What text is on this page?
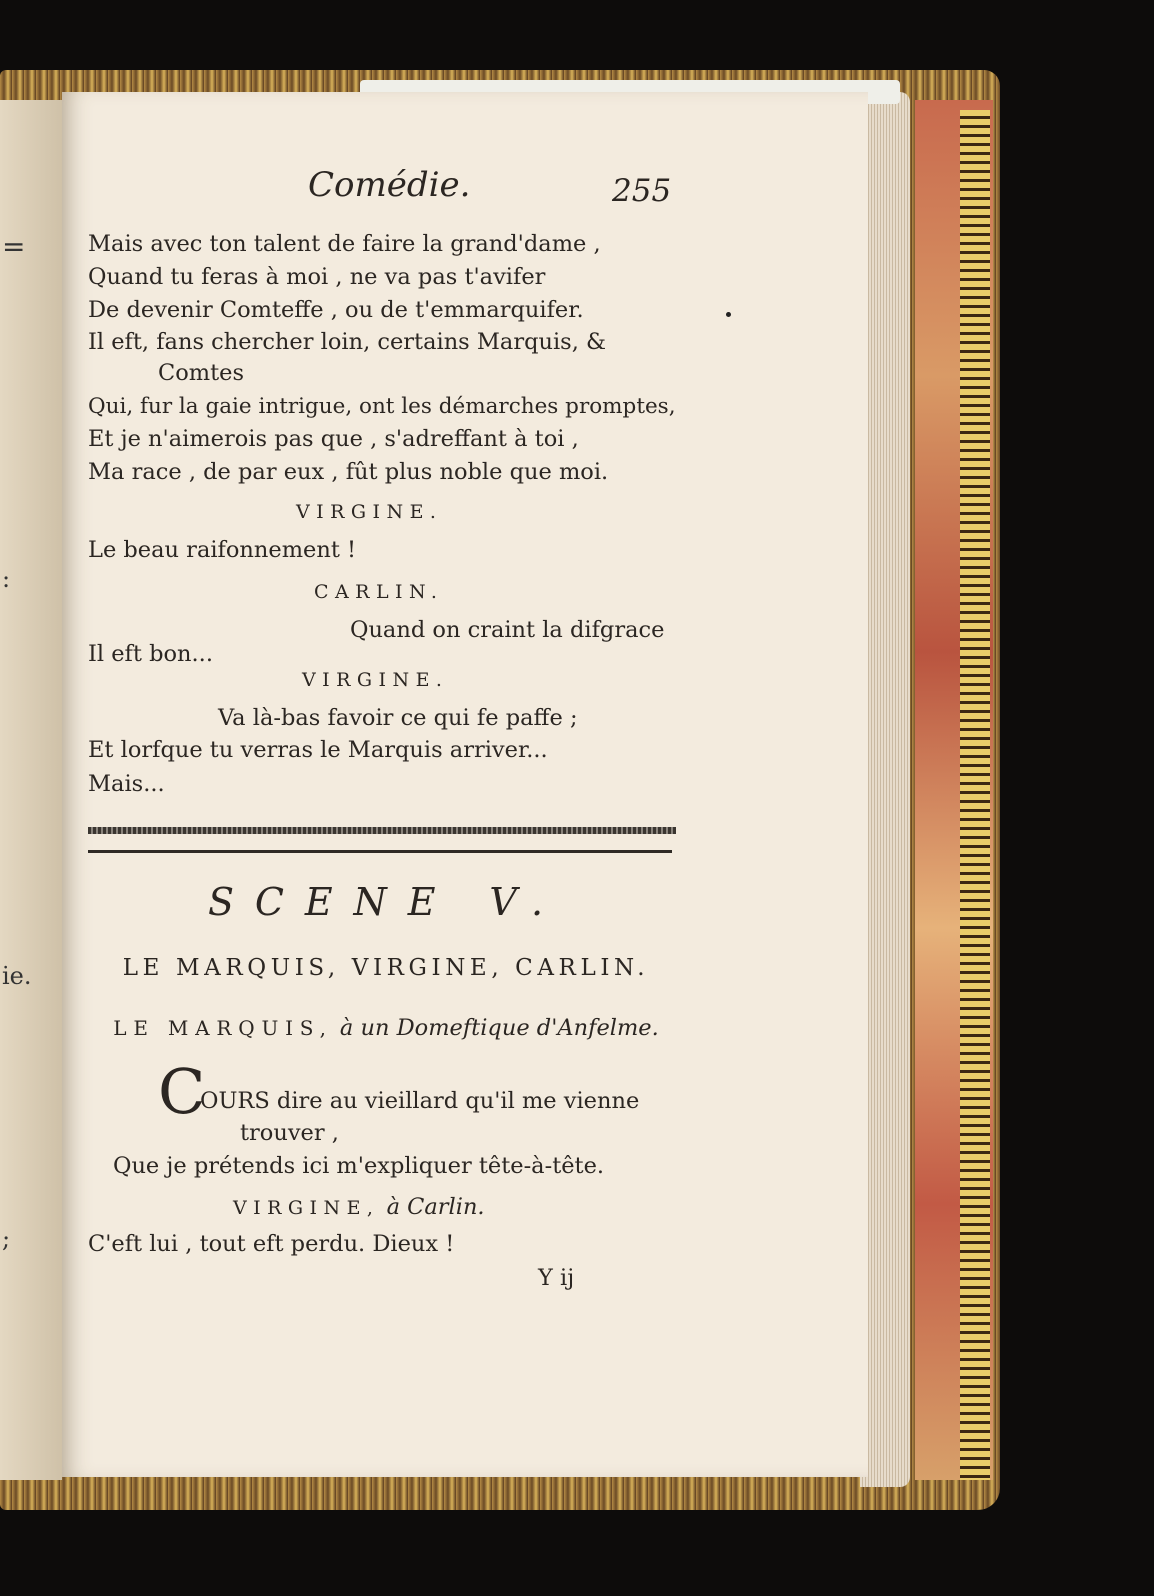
=
:
ie.
;
Comédie.	255
Mais avec ton talent de faire la grand'dame ,
Quand tu feras à moi , ne va pas t'avifer
De devenir Comteffe , ou de t'emmarquifer.
Il eft, fans chercher loin, certains Marquis, &
Comtes
Qui, fur la gaie intrigue, ont les démarches promptes,
Et je n'aimerois pas que , s'adreffant à toi ,
Ma race , de par eux , fût plus noble que moi.
VIRGINE.
Le beau raifonnement !
CARLIN.
Quand on craint la difgrace
Il eft bon...
VIRGINE.
Va là-bas favoir ce qui fe paffe ;
Et lorfque tu verras le Marquis arriver...
Mais...
SCENE V.
LE MARQUIS, VIRGINE, CARLIN.
LE MARQUIS, à un Domeftique d'Anfelme.
C
OURS dire au vieillard qu'il me vienne
trouver ,
Que je prétends ici m'expliquer tête-à-tête.
VIRGINE, à Carlin.
C'eft lui , tout eft perdu. Dieux !
Y ij
